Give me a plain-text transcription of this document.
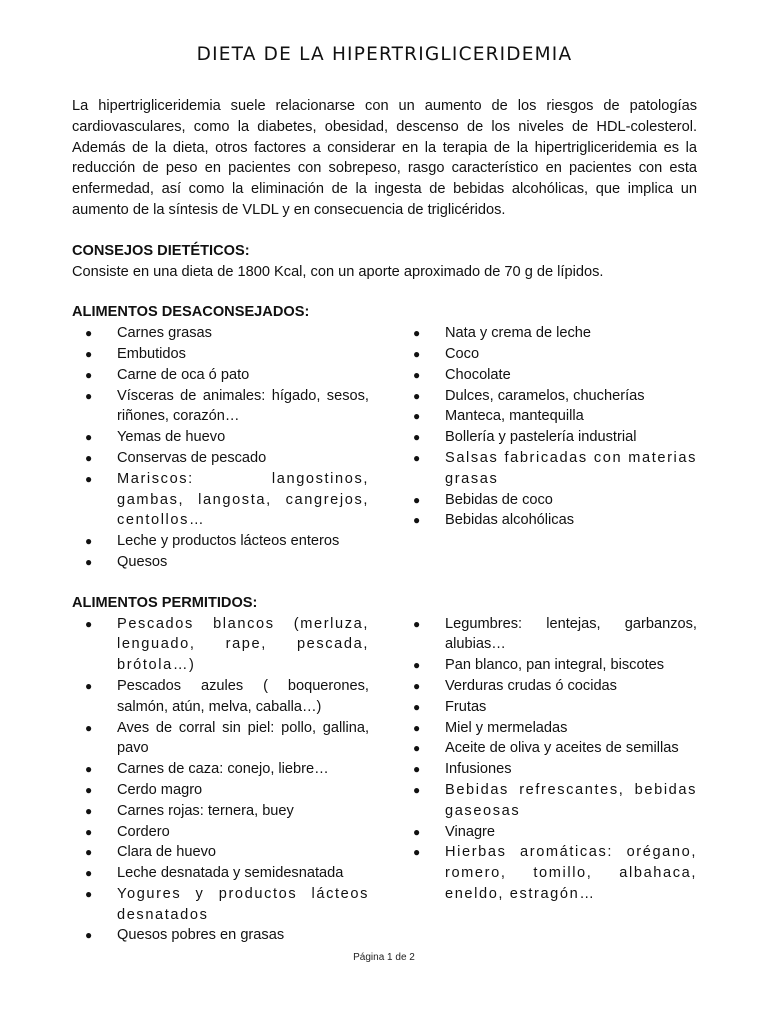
DIETA DE LA HIPERTRIGLICERIDEMIA

La hipertrigliceridemia suele relacionarse con un aumento de los riesgos de patologías cardiovasculares, como la diabetes, obesidad, descenso de los niveles de HDL-colesterol. Además de la dieta, otros factores a considerar en la terapia de la hipertrigliceridemia es la reducción de peso en pacientes con sobrepeso, rasgo característico en pacientes con esta enfermedad, así como la eliminación de la ingesta de bebidas alcohólicas, que implica un aumento de la síntesis de VLDL y en consecuencia de triglicéridos.

CONSEJOS DIETÉTICOS:

Consiste en una dieta de 1800 Kcal, con un aporte aproximado de 70 g de lípidos.

ALIMENTOS DESACONSEJADOS:

● Carnes grasas
● Embutidos
● Carne de oca ó pato
● Vísceras de animales: hígado, sesos, riñones, corazón…
● Yemas de huevo
● Conservas de pescado
● Mariscos: langostinos, gambas, langosta, cangrejos, centollos…
● Leche y productos lácteos enteros
● Quesos
● Nata y crema de leche
● Coco
● Chocolate
● Dulces, caramelos, chucherías
● Manteca, mantequilla
● Bollería y pastelería industrial
● Salsas fabricadas con materias grasas
● Bebidas de coco
● Bebidas alcohólicas

ALIMENTOS PERMITIDOS:

● Pescados blancos (merluza, lenguado, rape, pescada, brótola…)
● Pescados azules ( boquerones, salmón, atún, melva, caballa…)
● Aves de corral sin piel: pollo, gallina, pavo
● Carnes de caza: conejo, liebre…
● Cerdo magro
● Carnes rojas: ternera, buey
● Cordero
● Clara de huevo
● Leche desnatada y semidesnatada
● Yogures y productos lácteos desnatados
● Quesos pobres en grasas
● Legumbres: lentejas, garbanzos, alubias…
● Pan blanco, pan integral, biscotes
● Verduras crudas ó cocidas
● Frutas
● Miel y mermeladas
● Aceite de oliva y aceites de semillas
● Infusiones
● Bebidas refrescantes, bebidas gaseosas
● Vinagre
● Hierbas aromáticas: orégano, romero, tomillo, albahaca, eneldo, estragón…
Página 1 de 2
